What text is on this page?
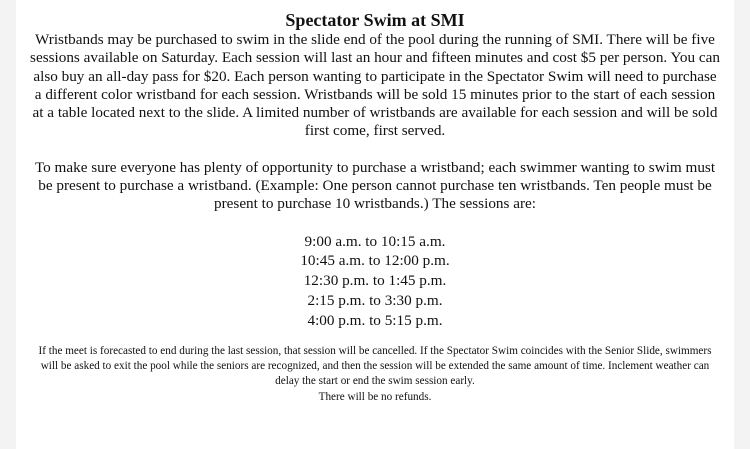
Spectator Swim at SMI

Wristbands may be purchased to swim in the slide end of the pool during the running of SMI. There will be five sessions available on Saturday. Each session will last an hour and fifteen minutes and cost $5 per person. You can also buy an all-day pass for $20. Each person wanting to participate in the Spectator Swim will need to purchase a different color wristband for each session. Wristbands will be sold 15 minutes prior to the start of each session at a table located next to the slide. A limited number of wristbands are available for each session and will be sold first come, first served.

To make sure everyone has plenty of opportunity to purchase a wristband; each swimmer wanting to swim must be present to purchase a wristband. (Example: One person cannot purchase ten wristbands. Ten people must be present to purchase 10 wristbands.) The sessions are:

9:00 a.m. to 10:15 a.m.
10:45 a.m. to 12:00 p.m.
12:30 p.m. to 1:45 p.m.
2:15 p.m. to 3:30 p.m.
4:00 p.m. to 5:15 p.m.
If the meet is forecasted to end during the last session, that session will be cancelled. If the Spectator Swim coincides with the Senior Slide, swimmers will be asked to exit the pool while the seniors are recognized, and then the session will be extended the same amount of time. Inclement weather can delay the start or end the swim session early.
There will be no refunds.
